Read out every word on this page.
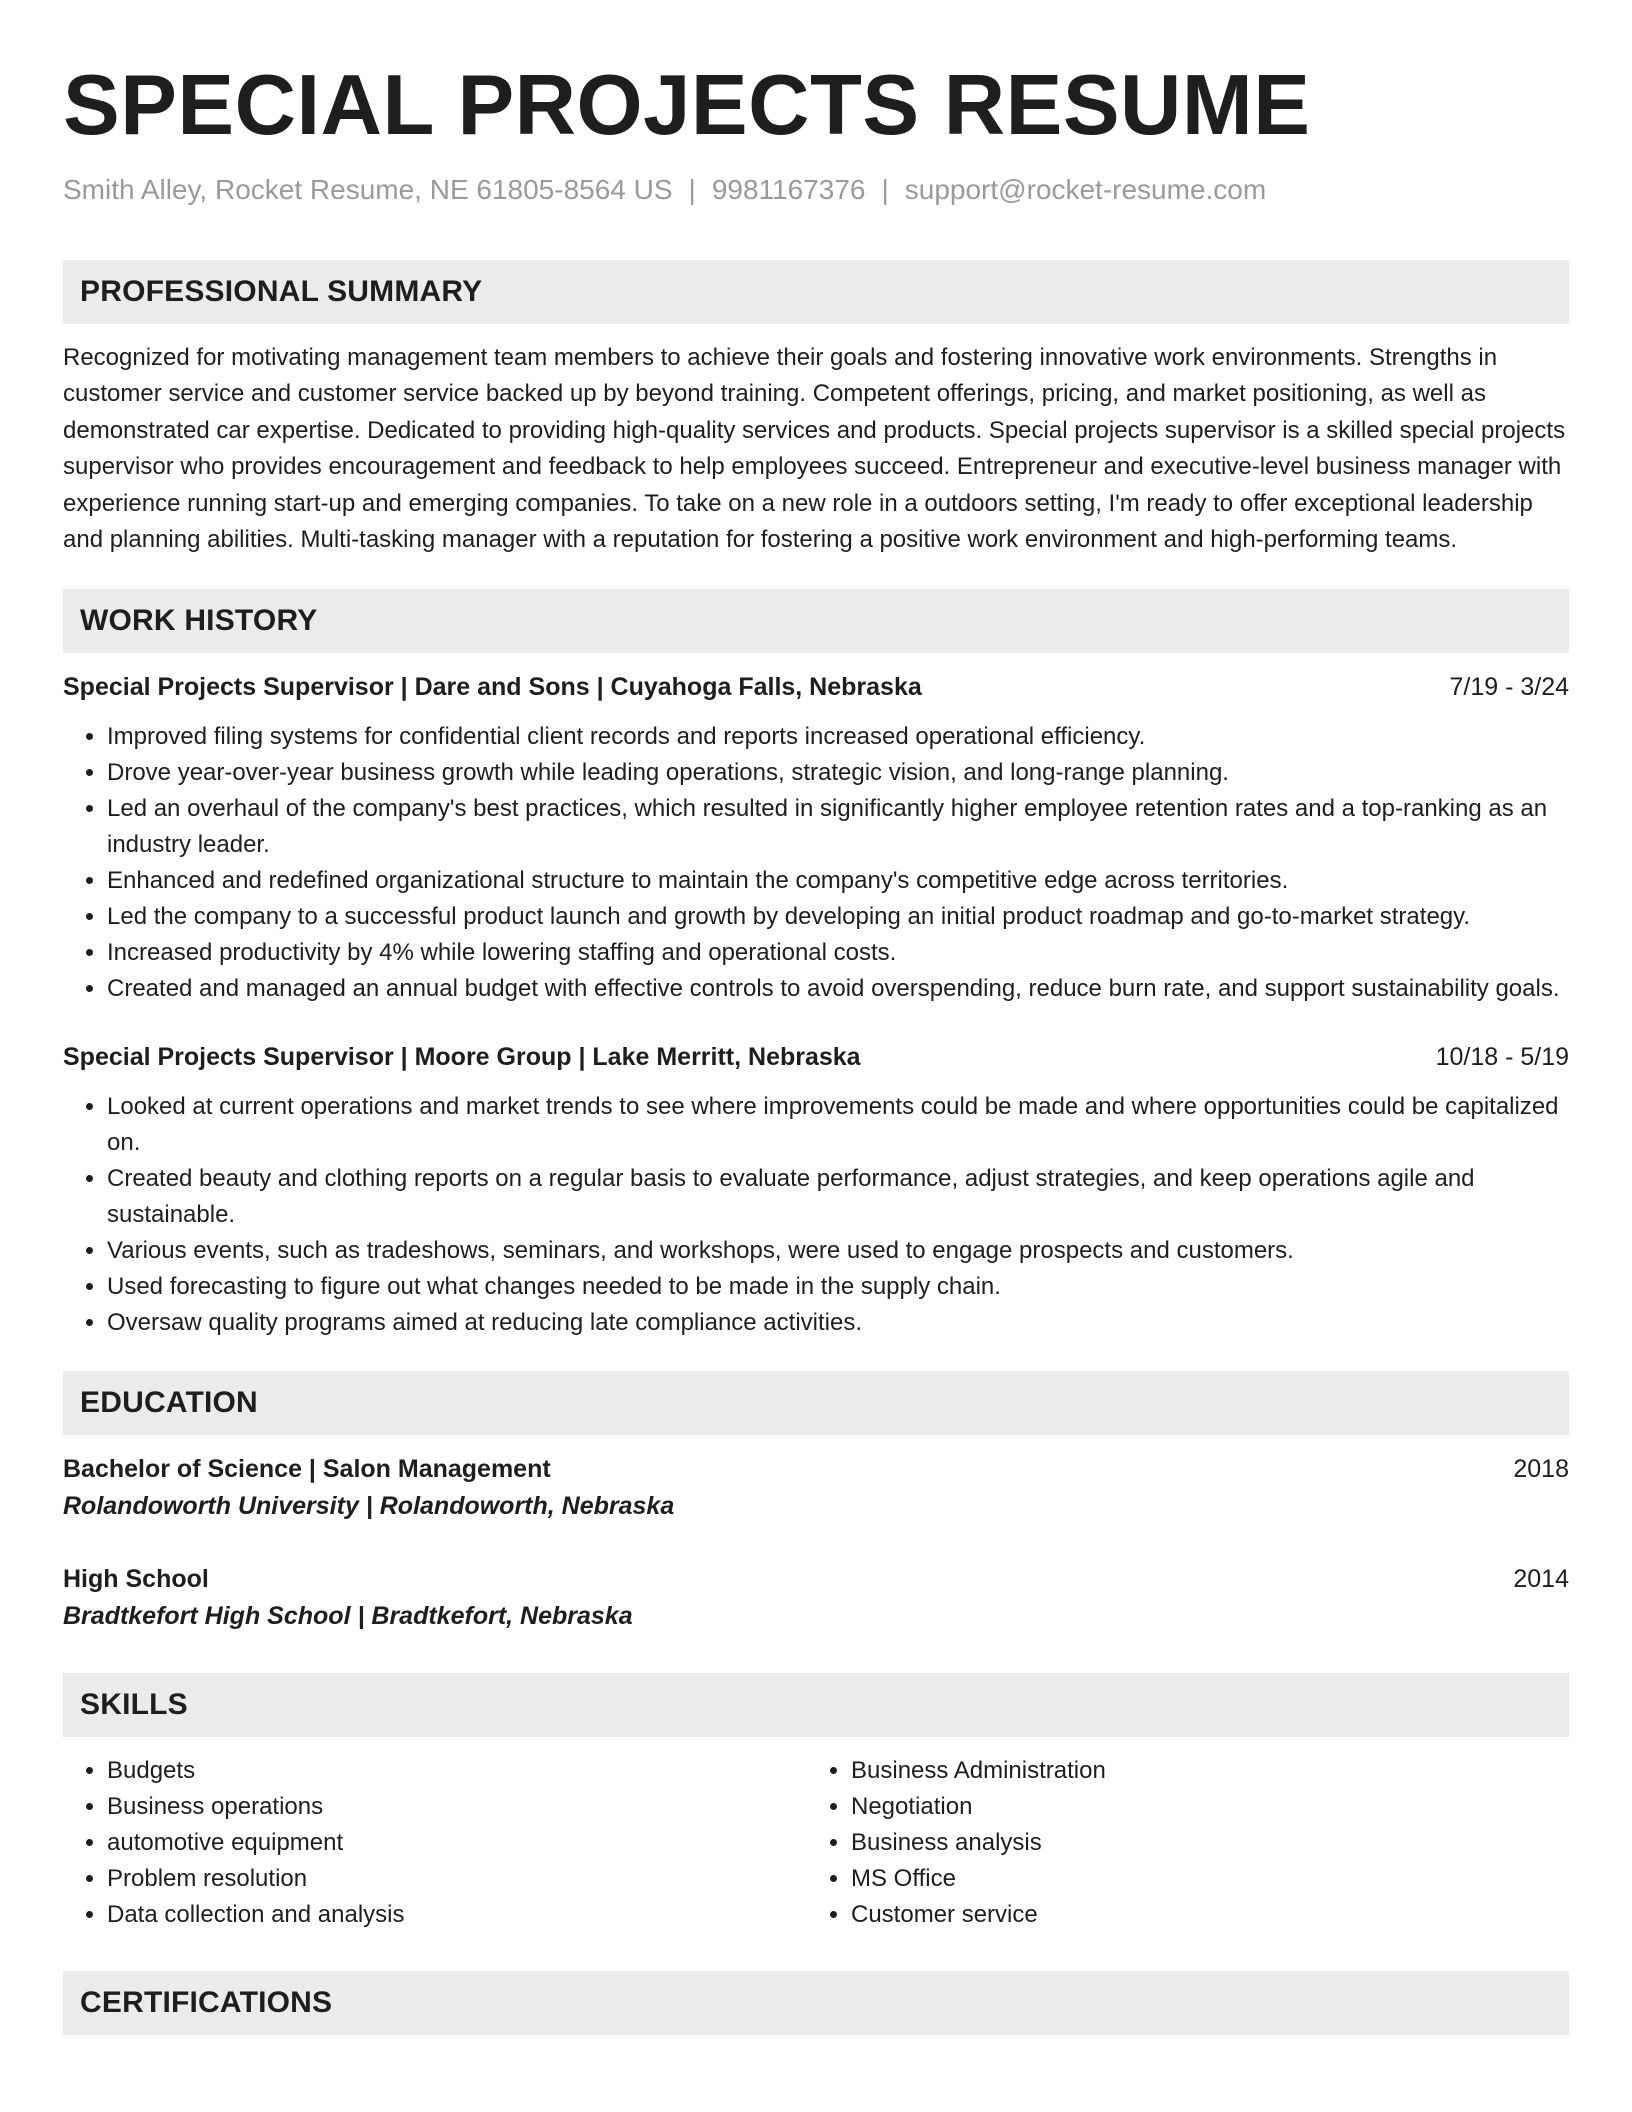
SPECIAL PROJECTS RESUME
Smith Alley, Rocket Resume, NE 61805-8564 US | 9981167376 | support@rocket-resume.com
PROFESSIONAL SUMMARY
Recognized for motivating management team members to achieve their goals and fostering innovative work environments. Strengths in customer service and customer service backed up by beyond training. Competent offerings, pricing, and market positioning, as well as demonstrated car expertise. Dedicated to providing high-quality services and products. Special projects supervisor is a skilled special projects supervisor who provides encouragement and feedback to help employees succeed. Entrepreneur and executive-level business manager with experience running start-up and emerging companies. To take on a new role in a outdoors setting, I'm ready to offer exceptional leadership and planning abilities. Multi-tasking manager with a reputation for fostering a positive work environment and high-performing teams.
WORK HISTORY
Special Projects Supervisor | Dare and Sons | Cuyahoga Falls, Nebraska	7/19 - 3/24
• Improved filing systems for confidential client records and reports increased operational efficiency.
• Drove year-over-year business growth while leading operations, strategic vision, and long-range planning.
• Led an overhaul of the company's best practices, which resulted in significantly higher employee retention rates and a top-ranking as an industry leader.
• Enhanced and redefined organizational structure to maintain the company's competitive edge across territories.
• Led the company to a successful product launch and growth by developing an initial product roadmap and go-to-market strategy.
• Increased productivity by 4% while lowering staffing and operational costs.
• Created and managed an annual budget with effective controls to avoid overspending, reduce burn rate, and support sustainability goals.
Special Projects Supervisor | Moore Group | Lake Merritt, Nebraska	10/18 - 5/19
• Looked at current operations and market trends to see where improvements could be made and where opportunities could be capitalized on.
• Created beauty and clothing reports on a regular basis to evaluate performance, adjust strategies, and keep operations agile and sustainable.
• Various events, such as tradeshows, seminars, and workshops, were used to engage prospects and customers.
• Used forecasting to figure out what changes needed to be made in the supply chain.
• Oversaw quality programs aimed at reducing late compliance activities.
EDUCATION
Bachelor of Science | Salon Management	2018
Rolandoworth University | Rolandoworth, Nebraska
High School	2014
Bradtkefort High School | Bradtkefort, Nebraska
SKILLS
• Budgets
• Business operations
• automotive equipment
• Problem resolution
• Data collection and analysis
• Business Administration
• Negotiation
• Business analysis
• MS Office
• Customer service
CERTIFICATIONS
